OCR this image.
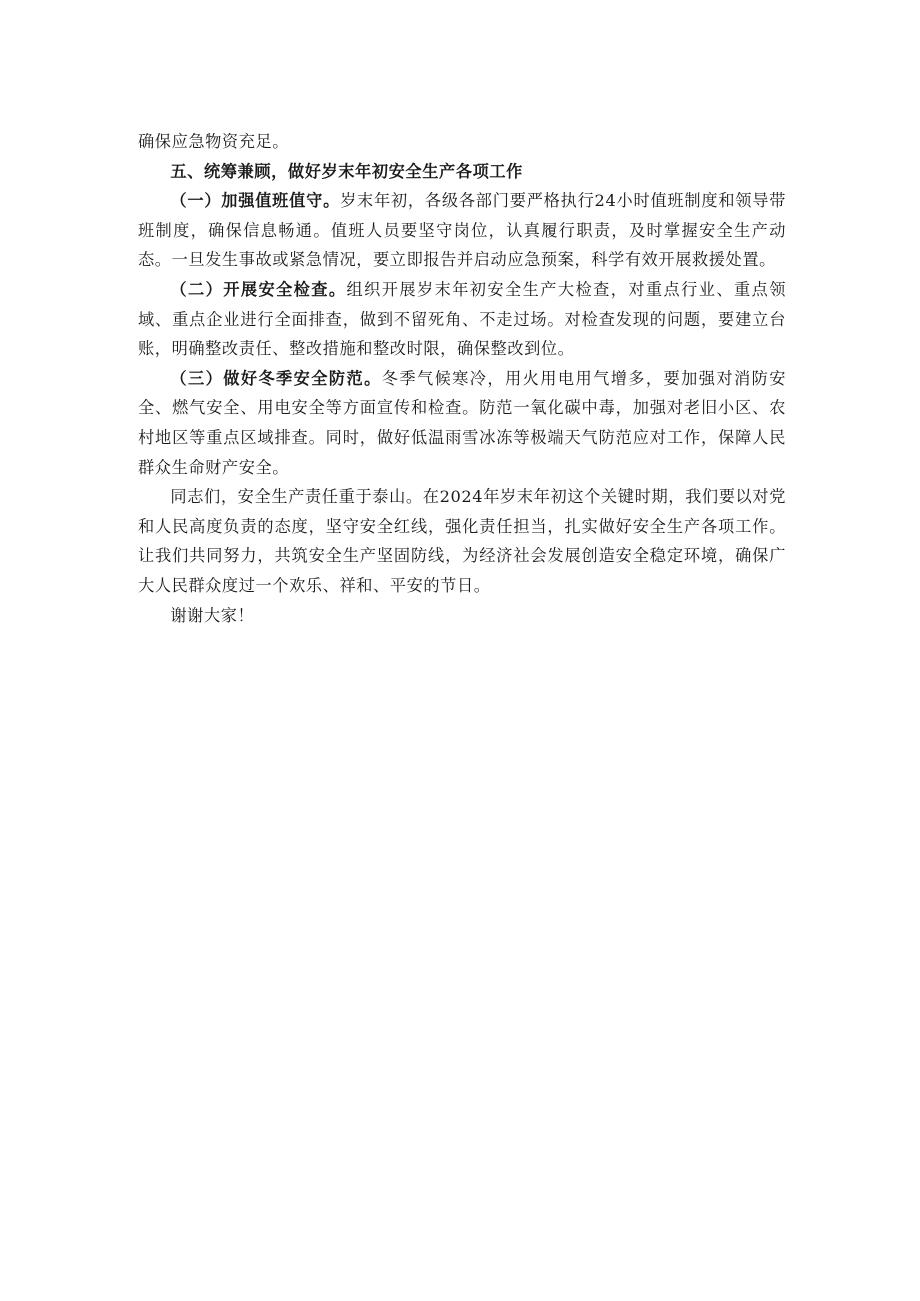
确保应急物资充足。

五、统筹兼顾，做好岁末年初安全生产各项工作

（一）加强值班值守。岁末年初，各级各部门要严格执行24小时值班制度和领导带班制度，确保信息畅通。值班人员要坚守岗位，认真履行职责，及时掌握安全生产动态。一旦发生事故或紧急情况，要立即报告并启动应急预案，科学有效开展救援处置。

（二）开展安全检查。组织开展岁末年初安全生产大检查，对重点行业、重点领域、重点企业进行全面排查，做到不留死角、不走过场。对检查发现的问题，要建立台账，明确整改责任、整改措施和整改时限，确保整改到位。

（三）做好冬季安全防范。冬季气候寒冷，用火用电用气增多，要加强对消防安全、燃气安全、用电安全等方面宣传和检查。防范一氧化碳中毒，加强对老旧小区、农村地区等重点区域排查。同时，做好低温雨雪冰冻等极端天气防范应对工作，保障人民群众生命财产安全。

同志们，安全生产责任重于泰山。在2024年岁末年初这个关键时期，我们要以对党和人民高度负责的态度，坚守安全红线，强化责任担当，扎实做好安全生产各项工作。让我们共同努力，共筑安全生产坚固防线，为经济社会发展创造安全稳定环境，确保广大人民群众度过一个欢乐、祥和、平安的节日。

谢谢大家！
